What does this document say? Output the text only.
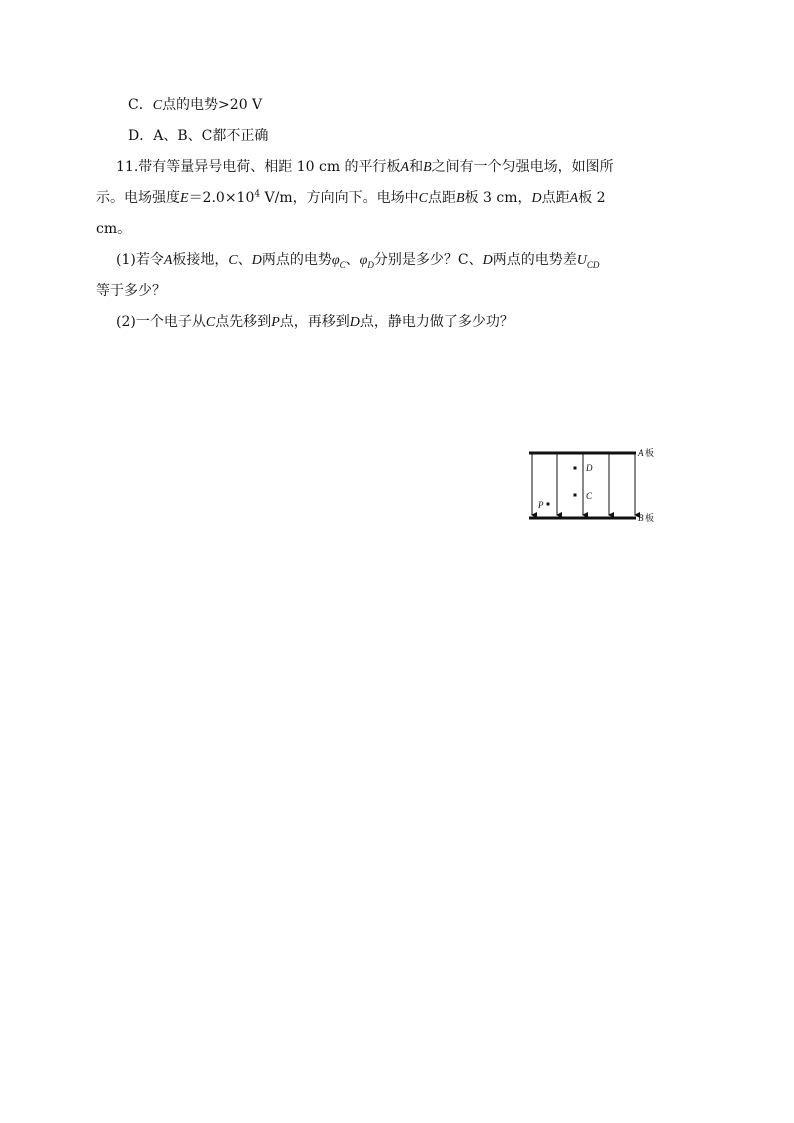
C．C点的电势>20 V
D．A、B、C都不正确
11.带有等量异号电荷、相距 10 cm 的平行板A和B之间有一个匀强电场，如图所
示。电场强度$E=2.0\times 10^4$ V/m，方向向下。电场中C点距B板 3 cm，D点距A板 2
cm。
(1)若令A板接地，C、D两点的电势$\varphi_C$、$\varphi_D$分别是多少？C、D两点的电势差$U_{CD}$
等于多少？
(2)一个电子从C点先移到P点，再移到D点，静电力做了多少功？
D
C
P
A 板
B 板
